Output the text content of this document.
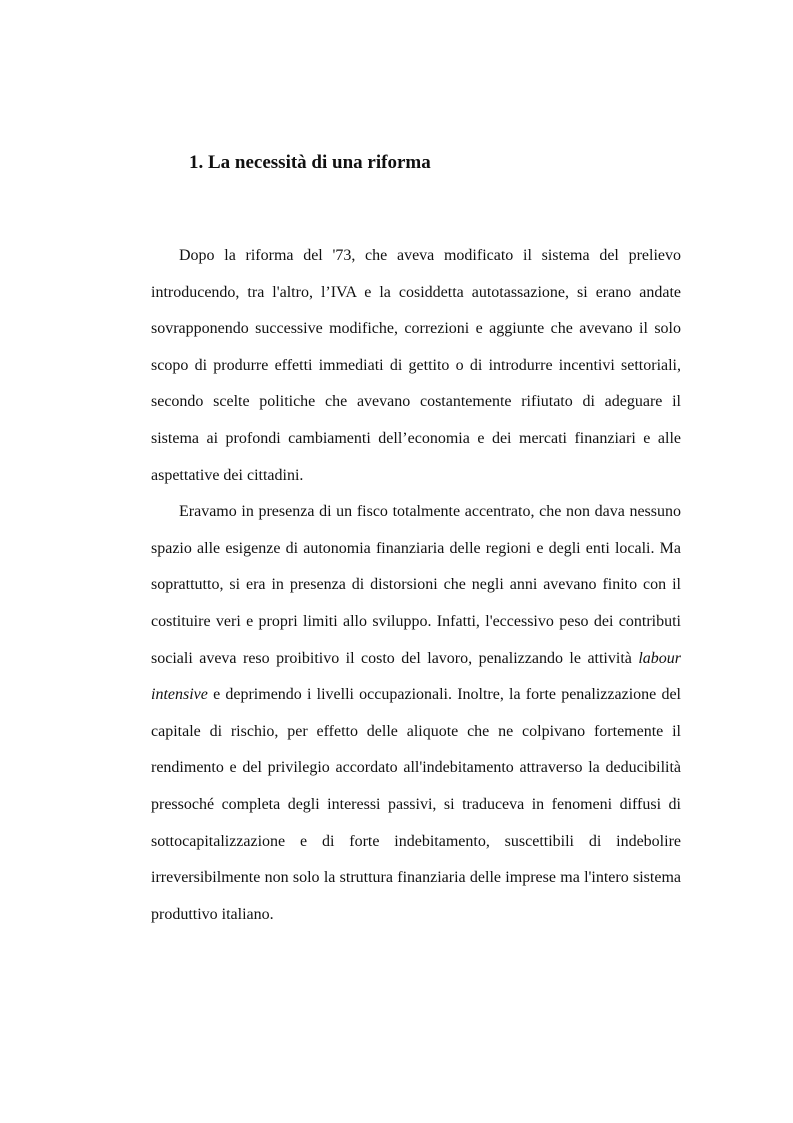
1. La necessità di una riforma

Dopo la riforma del '73, che aveva modificato il sistema del prelievo introducendo, tra l'altro, l’IVA e la cosiddetta autotassazione, si erano andate sovrapponendo successive modifiche, correzioni e aggiunte che avevano il solo scopo di produrre effetti immediati di gettito o di introdurre incentivi settoriali, secondo scelte politiche che avevano costantemente rifiutato di adeguare il sistema ai profondi cambiamenti dell’economia e dei mercati finanziari e alle aspettative dei cittadini.

Eravamo in presenza di un fisco totalmente accentrato, che non dava nessuno spazio alle esigenze di autonomia finanziaria delle regioni e degli enti locali. Ma soprattutto, si era in presenza di distorsioni che negli anni avevano finito con il costituire veri e propri limiti allo sviluppo. Infatti, l'eccessivo peso dei contributi sociali aveva reso proibitivo il costo del lavoro, penalizzando le attività labour intensive e deprimendo i livelli occupazionali. Inoltre, la forte penalizzazione del capitale di rischio, per effetto delle aliquote che ne colpivano fortemente il rendimento e del privilegio accordato all'indebitamento attraverso la deducibilità pressoché completa degli interessi passivi, si traduceva in fenomeni diffusi di sottocapitalizzazione e di forte indebitamento, suscettibili di indebolire irreversibilmente non solo la struttura finanziaria delle imprese ma l'intero sistema produttivo italiano.
